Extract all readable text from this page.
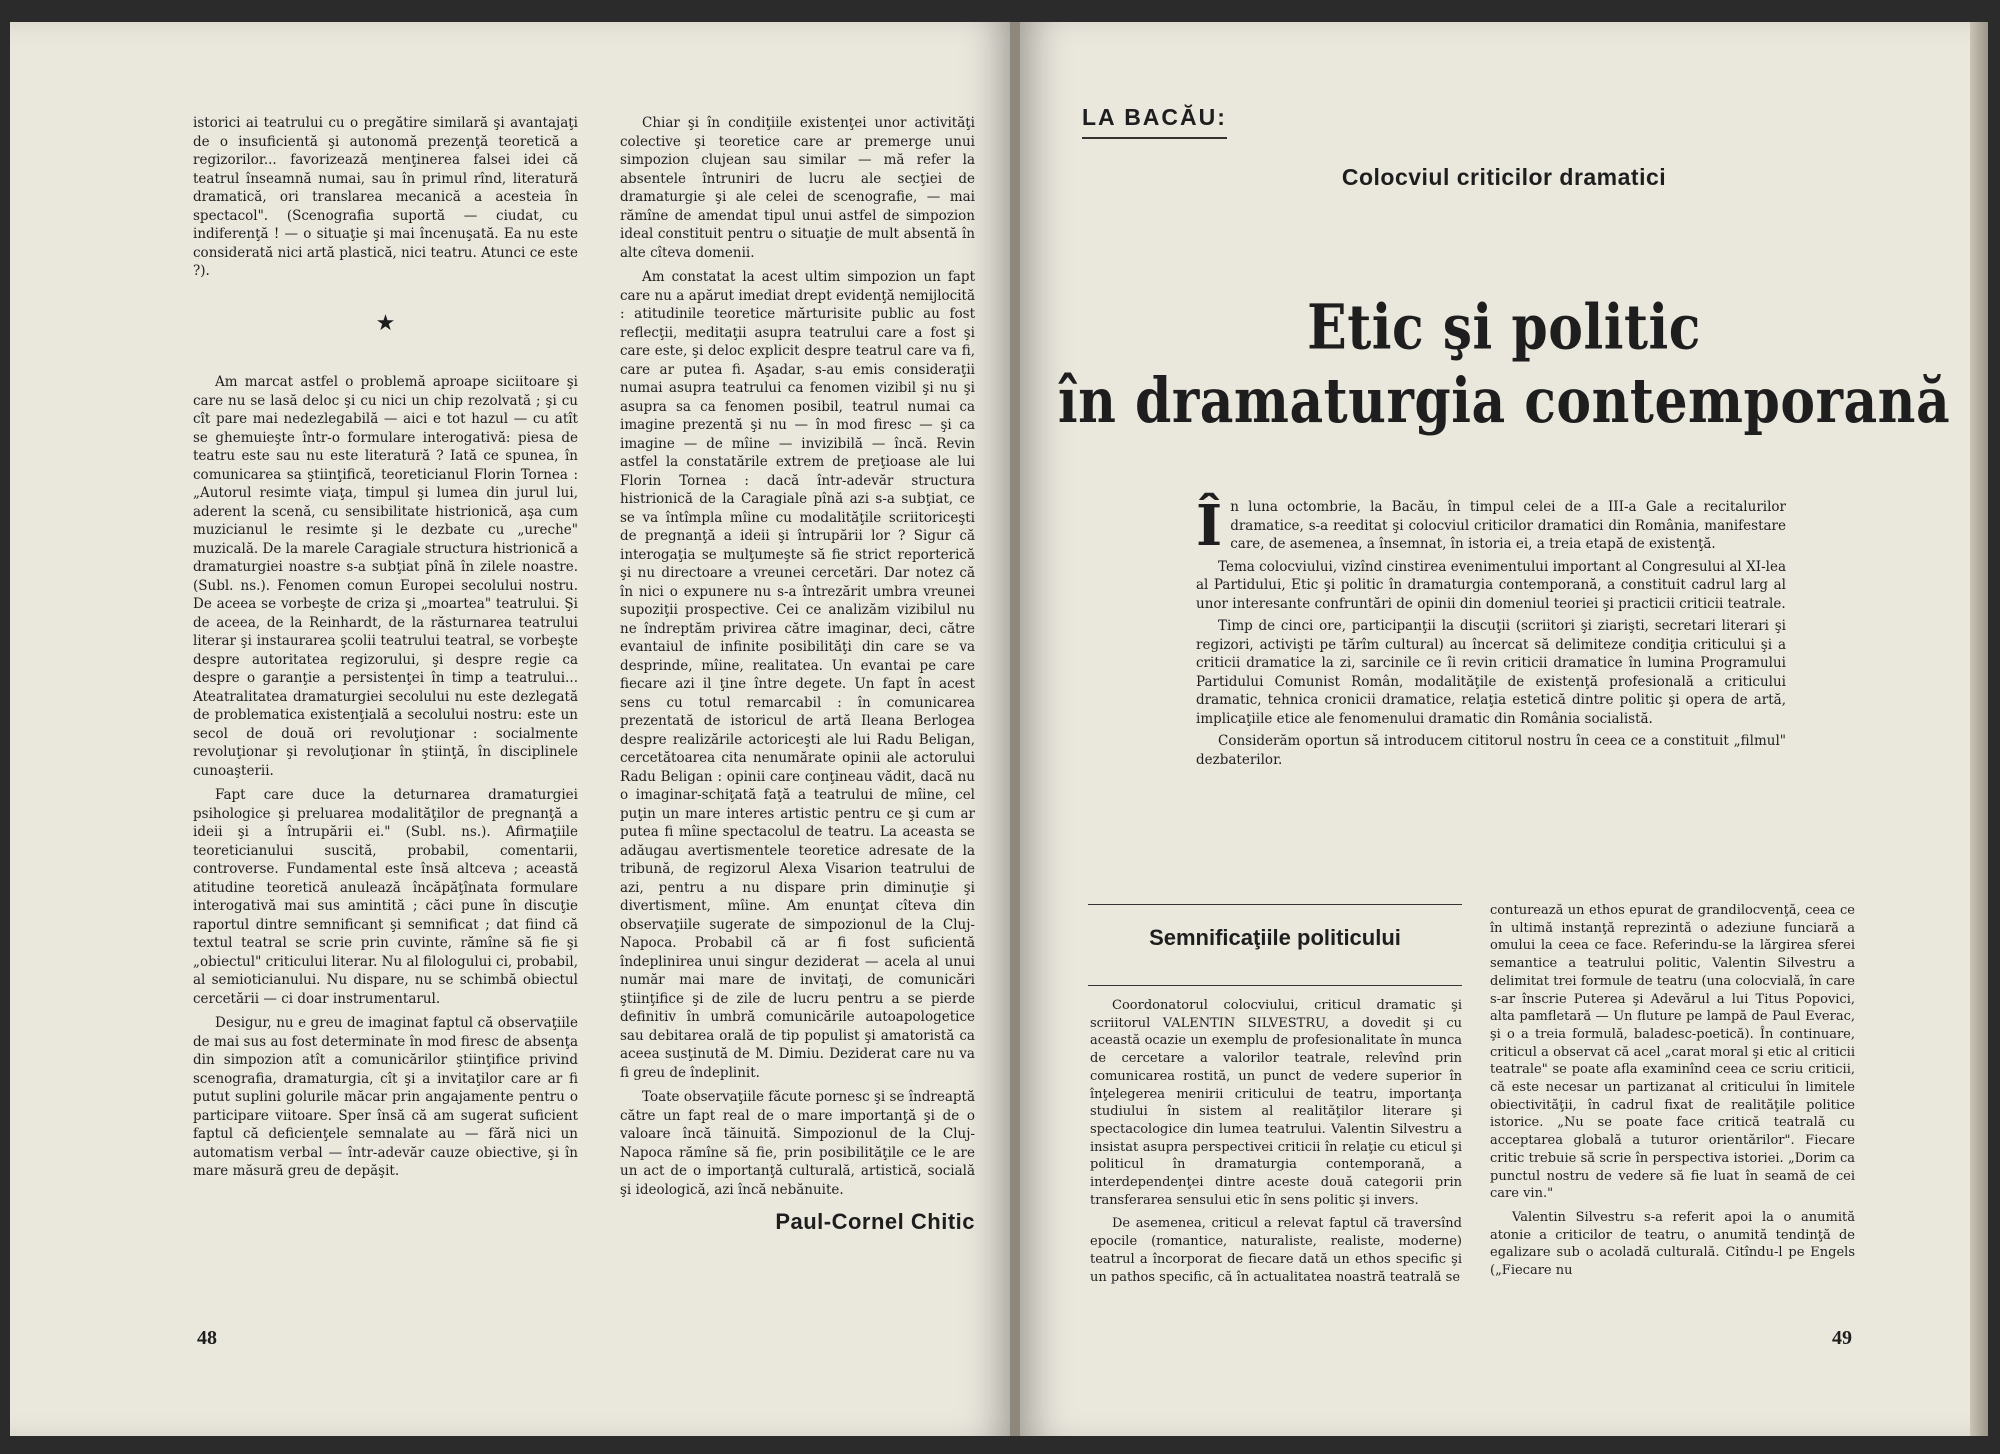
istorici ai teatrului cu o pregătire similară şi avantajaţi de o insuficientă şi autonomă prezenţă teoretică a regizorilor... favorizează menţinerea falsei idei că teatrul înseamnă numai, sau în primul rînd, literatură dramatică, ori translarea mecanică a acesteia în spectacol". (Scenografia suportă — ciudat, cu indiferenţă ! — o situaţie şi mai încenuşată. Ea nu este considerată nici artă plastică, nici teatru. Atunci ce este ?).

★

Am marcat astfel o problemă aproape siciitoare şi care nu se lasă deloc şi cu nici un chip rezolvată ; şi cu cît pare mai nedezlegabilă — aici e tot hazul — cu atît se ghemuieşte într-o formulare interogativă: piesa de teatru este sau nu este literatură ? Iată ce spunea, în comunicarea sa ştiinţifică, teoreticianul Florin Tornea : „Autorul resimte viaţa, timpul şi lumea din jurul lui, aderent la scenă, cu sensibilitate histrionică, aşa cum muzicianul le resimte şi le dezbate cu „ureche" muzicală. De la marele Caragiale structura histrionică a dramaturgiei noastre s-a subţiat pînă în zilele noastre. (Subl. ns.). Fenomen comun Europei secolului nostru. De aceea se vorbeşte de criza şi „moartea" teatrului. Şi de aceea, de la Reinhardt, de la răsturnarea teatrului literar şi instaurarea şcolii teatrului teatral, se vorbeşte despre autoritatea regizorului, şi despre regie ca despre o garanţie a persistenţei în timp a teatrului... Ateatralitatea dramaturgiei secolului nu este dezlegată de problematica existenţială a secolului nostru: este un secol de două ori revoluţionar : socialmente revoluţionar şi revoluţionar în ştiinţă, în disciplinele cunoaşterii.

Fapt care duce la deturnarea dramaturgiei psihologice şi preluarea modalităţilor de pregnanţă a ideii şi a întrupării ei." (Subl. ns.). Afirmaţiile teoreticianului suscită, probabil, comentarii, controverse. Fundamental este însă altceva ; această atitudine teoretică anulează încăpăţînata formulare interogativă mai sus amintită ; căci pune în discuţie raportul dintre semnificant şi semnificat ; dat fiind că textul teatral se scrie prin cuvinte, rămîne să fie şi „obiectul" criticului literar. Nu al filologului ci, probabil, al semioticianului. Nu dispare, nu se schimbă obiectul cercetării — ci doar instrumentarul.

Desigur, nu e greu de imaginat faptul că observaţiile de mai sus au fost determinate în mod firesc de absenţa din simpozion atît a comunicărilor ştiinţifice privind scenografia, dramaturgia, cît şi a invitaţilor care ar fi putut suplini golurile măcar prin angajamente pentru o participare viitoare. Sper însă că am sugerat suficient faptul că deficienţele semnalate au — fără nici un automatism verbal — într-adevăr cauze obiective, şi în mare măsură greu de depăşit.

Chiar şi în condiţiile existenţei unor activităţi colective şi teoretice care ar premerge unui simpozion clujean sau similar — mă refer la absentele întruniri de lucru ale secţiei de dramaturgie şi ale celei de scenografie, — mai rămîne de amendat tipul unui astfel de simpozion ideal constituit pentru o situaţie de mult absentă în alte cîteva domenii.

Am constatat la acest ultim simpozion un fapt care nu a apărut imediat drept evidenţă nemijlocită : atitudinile teoretice mărturisite public au fost reflecţii, meditaţii asupra teatrului care a fost şi care este, şi deloc explicit despre teatrul care va fi, care ar putea fi. Aşadar, s-au emis consideraţii numai asupra teatrului ca fenomen vizibil şi nu şi asupra sa ca fenomen posibil, teatrul numai ca imagine prezentă şi nu — în mod firesc — şi ca imagine — de mîine — invizibilă — încă. Revin astfel la constatările extrem de preţioase ale lui Florin Tornea : dacă într-adevăr structura histrionică de la Caragiale pînă azi s-a subţiat, ce se va întîmpla mîine cu modalităţile scriitoriceşti de pregnanţă a ideii şi întrupării lor ? Sigur că interogaţia se mulţumeşte să fie strict reporterică şi nu directoare a vreunei cercetări. Dar notez că în nici o expunere nu s-a întrezărit umbra vreunei supoziţii prospective. Cei ce analizăm vizibilul nu ne îndreptăm privirea către imaginar, deci, către evantaiul de infinite posibilităţi din care se va desprinde, mîine, realitatea. Un evantai pe care fiecare azi il ţine între degete. Un fapt în acest sens cu totul remarcabil : în comunicarea prezentată de istoricul de artă Ileana Berlogea despre realizările actoriceşti ale lui Radu Beligan, cercetătoarea cita nenumărate opinii ale actorului Radu Beligan : opinii care conţineau vădit, dacă nu o imaginar-schiţată faţă a teatrului de mîine, cel puţin un mare interes artistic pentru ce şi cum ar putea fi mîine spectacolul de teatru. La aceasta se adăugau avertismentele teoretice adresate de la tribună, de regizorul Alexa Visarion teatrului de azi, pentru a nu dispare prin diminuţie şi divertisment, mîine. Am enunţat cîteva din observaţiile sugerate de simpozionul de la Cluj-Napoca. Probabil că ar fi fost suficientă îndeplinirea unui singur deziderat — acela al unui număr mai mare de invitaţi, de comunicări ştiinţifice şi de zile de lucru pentru a se pierde definitiv în umbră comunicările autoapologetice sau debitarea orală de tip populist şi amatoristă ca aceea susţinută de M. Dimiu. Deziderat care nu va fi greu de îndeplinit.

Toate observaţiile făcute pornesc şi se îndreaptă către un fapt real de o mare importanţă şi de o valoare încă tăinuită. Simpozionul de la Cluj-Napoca rămîne să fie, prin posibilităţile ce le are un act de o importanţă culturală, artistică, socială şi ideologică, azi încă nebănuite.

Paul-Cornel Chitic
48
LA BACĂU:
Colocviul criticilor dramatici
Etic şi politic
în dramaturgia contemporană

În luna octombrie, la Bacău, în timpul celei de a III-a Gale a recitalurilor dramatice, s-a reeditat şi colocviul criticilor dramatici din România, manifestare care, de asemenea, a însemnat, în istoria ei, a treia etapă de existenţă.

Tema colocviului, vizînd cinstirea evenimentului important al Congresului al XI-lea al Partidului, Etic şi politic în dramaturgia contemporană, a constituit cadrul larg al unor interesante confruntări de opinii din domeniul teoriei şi practicii criticii teatrale.

Timp de cinci ore, participanţii la discuţii (scriitori şi ziarişti, secretari literari şi regizori, activişti pe tărîm cultural) au încercat să delimiteze condiţia criticului şi a criticii dramatice la zi, sarcinile ce îi revin criticii dramatice în lumina Programului Partidului Comunist Român, modalităţile de existenţă profesională a criticului dramatic, tehnica cronicii dramatice, relaţia estetică dintre politic şi opera de artă, implicaţiile etice ale fenomenului dramatic din România socialistă.

Considerăm oportun să introducem cititorul nostru în ceea ce a constituit „filmul" dezbaterilor.

Semnificaţiile politicului

Coordonatorul colocviului, criticul dramatic şi scriitorul VALENTIN SILVESTRU, a dovedit şi cu această ocazie un exemplu de profesionalitate în munca de cercetare a valorilor teatrale, relevînd prin comunicarea rostită, un punct de vedere superior în înţelegerea menirii criticului de teatru, importanţa studiului în sistem al realităţilor literare şi spectacologice din lumea teatrului. Valentin Silvestru a insistat asupra perspectivei criticii în relaţie cu eticul şi politicul în dramaturgia contemporană, a interdependenţei dintre aceste două categorii prin transferarea sensului etic în sens politic şi invers.

De asemenea, criticul a relevat faptul că traversînd epocile (romantice, naturaliste, realiste, moderne) teatrul a încorporat de fiecare dată un ethos specific şi un pathos specific, că în actualitatea noastră teatrală se

conturează un ethos epurat de grandilocvenţă, ceea ce în ultimă instanţă reprezintă o adeziune funciară a omului la ceea ce face. Referindu-se la lărgirea sferei semantice a teatrului politic, Valentin Silvestru a delimitat trei formule de teatru (una colocvială, în care s-ar înscrie Puterea şi Adevărul a lui Titus Popovici, alta pamfletară — Un fluture pe lampă de Paul Everac, şi o a treia formulă, baladesc-poetică). În continuare, criticul a observat că acel „carat moral şi etic al criticii teatrale" se poate afla examinînd ceea ce scriu criticii, că este necesar un partizanat al criticului în limitele obiectivităţii, în cadrul fixat de realităţile politice istorice. „Nu se poate face critică teatrală cu acceptarea globală a tuturor orientărilor". Fiecare critic trebuie să scrie în perspectiva istoriei. „Dorim ca punctul nostru de vedere să fie luat în seamă de cei care vin."

Valentin Silvestru s-a referit apoi la o anumită atonie a criticilor de teatru, o anumită tendinţă de egalizare sub o acoladă culturală. Citîndu-l pe Engels („Fiecare nu

49
